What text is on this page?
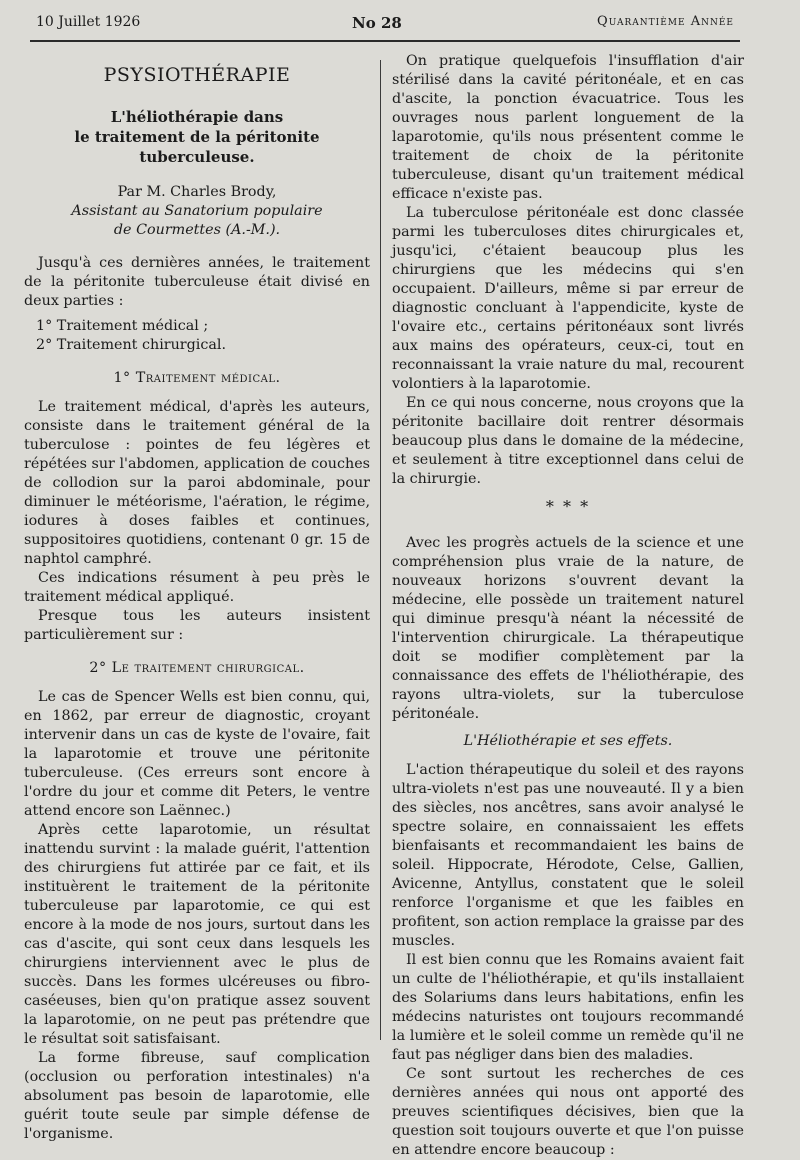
10 Juillet 1926	No 28	Quarantième Année

PSYSIOTHÉRAPIE

L'héliothérapie dans
le traitement de la péritonite tuberculeuse.

Par M. Charles Brody,

Assistant au Sanatorium populaire
de Courmettes (A.-M.).

Jusqu'à ces dernières années, le traitement de la péritonite tuberculeuse était divisé en deux parties :

1° Traitement médical ;

2° Traitement chirurgical.

1° Traitement médical.

Le traitement médical, d'après les auteurs, consiste dans le traitement général de la tuberculose : pointes de feu légères et répétées sur l'abdomen, application de couches de collodion sur la paroi abdominale, pour diminuer le météorisme, l'aération, le régime, iodures à doses faibles et continues, suppositoires quotidiens, contenant 0 gr. 15 de naphtol camphré.

Ces indications résument à peu près le traitement médical appliqué.

Presque tous les auteurs insistent particulièrement sur :

2° Le traitement chirurgical.

Le cas de Spencer Wells est bien connu, qui, en 1862, par erreur de diagnostic, croyant intervenir dans un cas de kyste de l'ovaire, fait la laparotomie et trouve une péritonite tuberculeuse. (Ces erreurs sont encore à l'ordre du jour et comme dit Peters, le ventre attend encore son Laënnec.)

Après cette laparotomie, un résultat inattendu survint : la malade guérit, l'attention des chirurgiens fut attirée par ce fait, et ils instituèrent le traitement de la péritonite tuberculeuse par laparotomie, ce qui est encore à la mode de nos jours, surtout dans les cas d'ascite, qui sont ceux dans lesquels les chirurgiens interviennent avec le plus de succès. Dans les formes ulcéreuses ou fibro-caséeuses, bien qu'on pratique assez souvent la laparotomie, on ne peut pas prétendre que le résultat soit satisfaisant.

La forme fibreuse, sauf complication (occlusion ou perforation intestinales) n'a absolument pas besoin de laparotomie, elle guérit toute seule par simple défense de l'organisme.

On pratique quelquefois l'insufflation d'air stérilisé dans la cavité péritonéale, et en cas d'ascite, la ponction évacuatrice. Tous les ouvrages nous parlent longuement de la laparotomie, qu'ils nous présentent comme le traitement de choix de la péritonite tuberculeuse, disant qu'un traitement médical efficace n'existe pas.

La tuberculose péritonéale est donc classée parmi les tuberculoses dites chirurgicales et, jusqu'ici, c'étaient beaucoup plus les chirurgiens que les médecins qui s'en occupaient. D'ailleurs, même si par erreur de diagnostic concluant à l'appendicite, kyste de l'ovaire etc., certains péritonéaux sont livrés aux mains des opérateurs, ceux-ci, tout en reconnaissant la vraie nature du mal, recourent volontiers à la laparotomie.

En ce qui nous concerne, nous croyons que la péritonite bacillaire doit rentrer désormais beaucoup plus dans le domaine de la médecine, et seulement à titre exceptionnel dans celui de la chirurgie.

* * *

Avec les progrès actuels de la science et une compréhension plus vraie de la nature, de nouveaux horizons s'ouvrent devant la médecine, elle possède un traitement naturel qui diminue presqu'à néant la nécessité de l'intervention chirurgicale. La thérapeutique doit se modifier complètement par la connaissance des effets de l'héliothérapie, des rayons ultra-violets, sur la tuberculose péritonéale.

L'Héliothérapie et ses effets.

L'action thérapeutique du soleil et des rayons ultra-violets n'est pas une nouveauté. Il y a bien des siècles, nos ancêtres, sans avoir analysé le spectre solaire, en connaissaient les effets bienfaisants et recommandaient les bains de soleil. Hippocrate, Hérodote, Celse, Gallien, Avicenne, Antyllus, constatent que le soleil renforce l'organisme et que les faibles en profitent, son action remplace la graisse par des muscles.

Il est bien connu que les Romains avaient fait un culte de l'héliothérapie, et qu'ils installaient des Solariums dans leurs habitations, enfin les médecins naturistes ont toujours recommandé la lumière et le soleil comme un remède qu'il ne faut pas négliger dans bien des maladies.

Ce sont surtout les recherches de ces dernières années qui nous ont apporté des preuves scientifiques décisives, bien que la question soit toujours ouverte et que l'on puisse en attendre encore beaucoup :
